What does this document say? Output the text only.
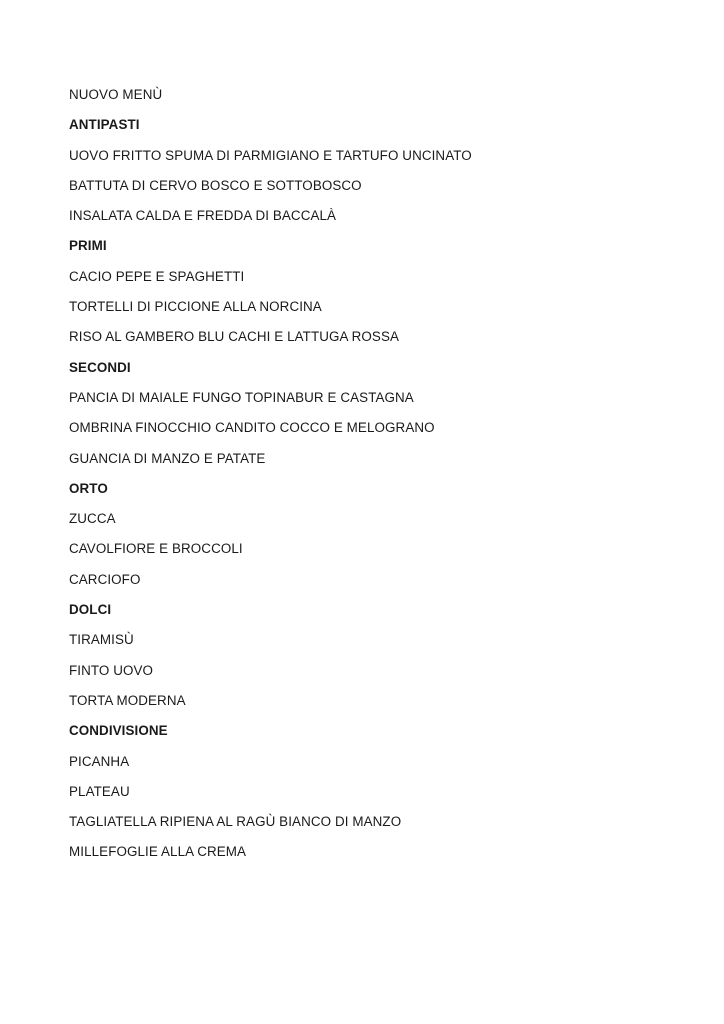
NUOVO MENÙ
ANTIPASTI
UOVO FRITTO SPUMA DI PARMIGIANO E TARTUFO UNCINATO
BATTUTA DI CERVO BOSCO E SOTTOBOSCO
INSALATA CALDA E FREDDA DI BACCALÀ
PRIMI
CACIO PEPE E SPAGHETTI
TORTELLI DI PICCIONE ALLA NORCINA
RISO AL GAMBERO BLU CACHI E LATTUGA ROSSA
SECONDI
PANCIA DI MAIALE FUNGO TOPINABUR E CASTAGNA
OMBRINA FINOCCHIO CANDITO COCCO E MELOGRANO
GUANCIA DI MANZO E PATATE
ORTO
ZUCCA
CAVOLFIORE E BROCCOLI
CARCIOFO
DOLCI
TIRAMISÙ
FINTO UOVO
TORTA MODERNA
CONDIVISIONE
PICANHA
PLATEAU
TAGLIATELLA RIPIENA AL RAGÙ BIANCO DI MANZO
MILLEFOGLIE ALLA CREMA
